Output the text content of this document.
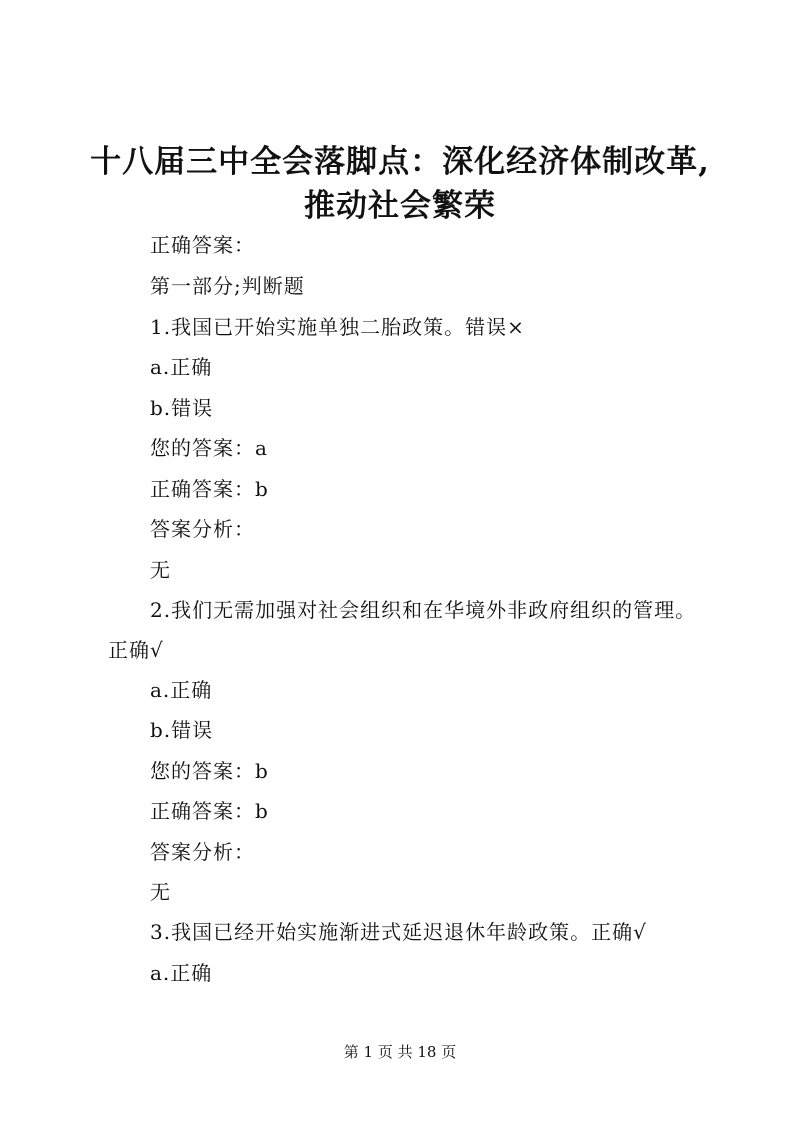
十八届三中全会落脚点：深化经济体制改革,
推动社会繁荣
正确答案：
第一部分;判断题
1.我国已开始实施单独二胎政策。错误×
a.正确
b.错误
您的答案：a
正确答案：b
答案分析：
无
2.我们无需加强对社会组织和在华境外非政府组织的管理。
正确√
a.正确
b.错误
您的答案：b
正确答案：b
答案分析：
无
3.我国已经开始实施渐进式延迟退休年龄政策。正确√
a.正确
第 1 页 共 18 页
